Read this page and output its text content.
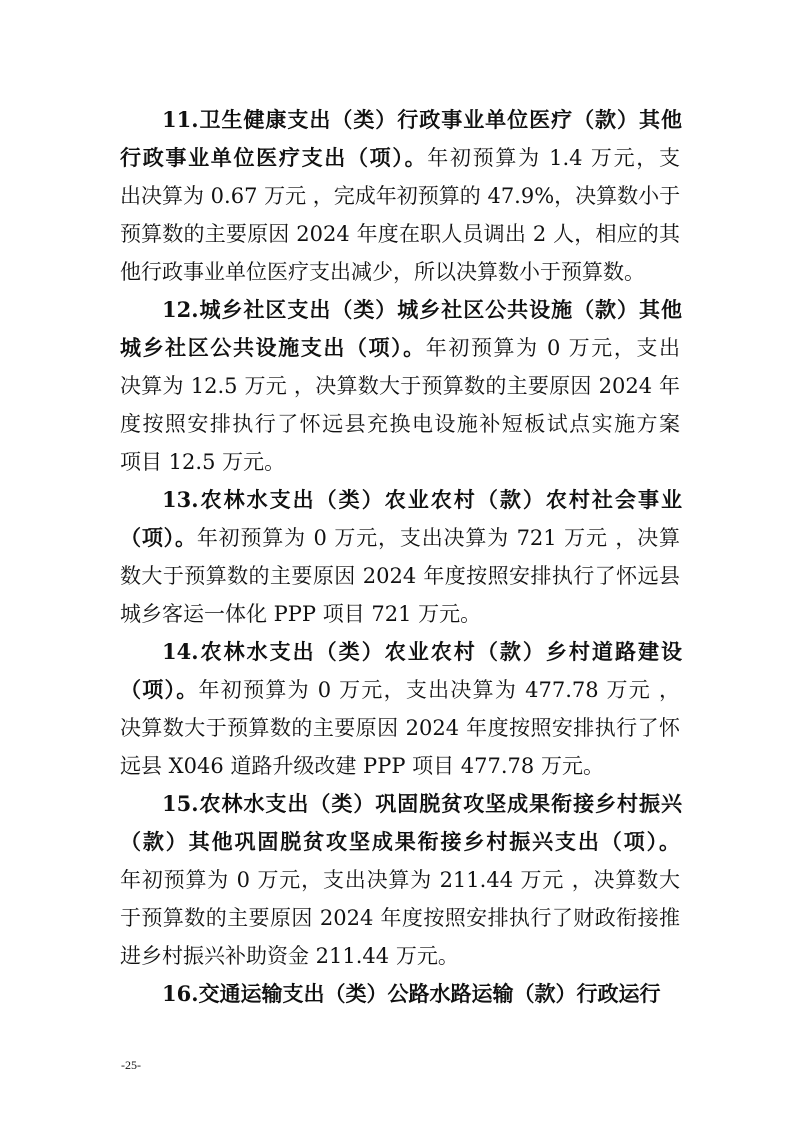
11.卫生健康支出（类）行政事业单位医疗（款）其他
行政事业单位医疗支出（项）。年初预算为 1.4 万元，支
出决算为 0.67 万元 ，完成年初预算的 47.9%，决算数小于
预算数的主要原因 2024 年度在职人员调出 2 人，相应的其
他行政事业单位医疗支出减少，所以决算数小于预算数。
12.城乡社区支出（类）城乡社区公共设施（款）其他
城乡社区公共设施支出（项）。年初预算为 0 万元，支出
决算为 12.5 万元 ，决算数大于预算数的主要原因 2024 年
度按照安排执行了怀远县充换电设施补短板试点实施方案
项目 12.5 万元。
13.农林水支出（类）农业农村（款）农村社会事业
（项）。年初预算为 0 万元，支出决算为 721 万元 ，决算
数大于预算数的主要原因 2024 年度按照安排执行了怀远县
城乡客运一体化 PPP 项目 721 万元。
14.农林水支出（类）农业农村（款）乡村道路建设
（项）。年初预算为 0 万元，支出决算为 477.78 万元 ，
决算数大于预算数的主要原因 2024 年度按照安排执行了怀
远县 X046 道路升级改建 PPP 项目 477.78 万元。
15.农林水支出（类）巩固脱贫攻坚成果衔接乡村振兴
（款）其他巩固脱贫攻坚成果衔接乡村振兴支出（项）。
年初预算为 0 万元，支出决算为 211.44 万元 ，决算数大
于预算数的主要原因 2024 年度按照安排执行了财政衔接推
进乡村振兴补助资金 211.44 万元。
16.交通运输支出（类）公路水路运输（款）行政运行
-25-
